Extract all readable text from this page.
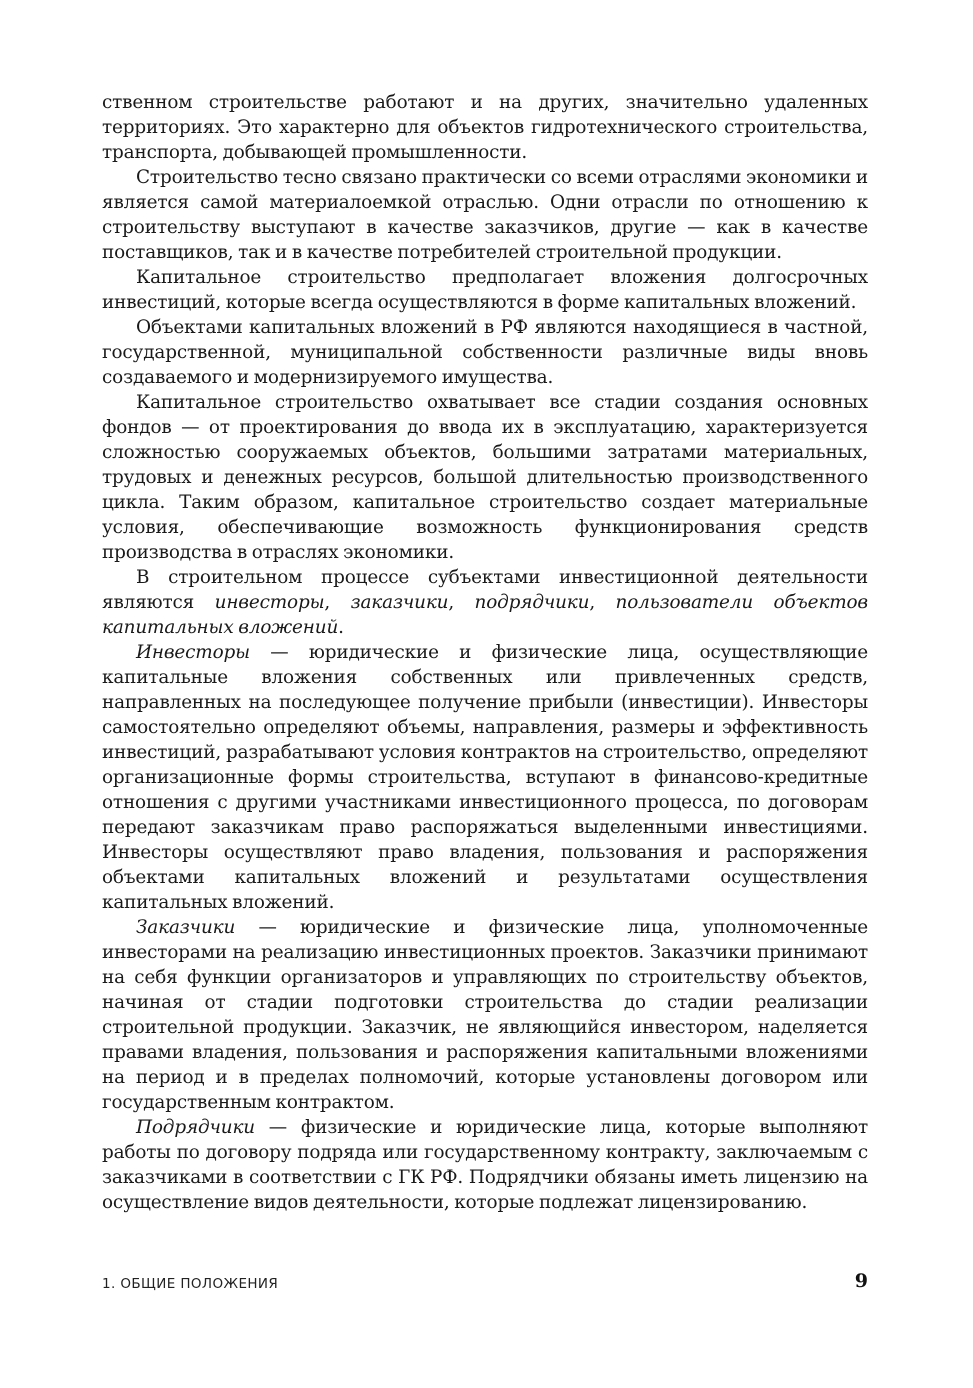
ственном строительстве работают и на других, значительно удаленных территориях. Это характерно для объектов гидротехнического строительства, транспорта, добывающей промышленности.

Строительство тесно связано практически со всеми отраслями экономики и является самой материалоемкой отраслью. Одни отрасли по отношению к строительству выступают в качестве заказчиков, другие — как в качестве поставщиков, так и в качестве потребителей строительной продукции.

Капитальное строительство предполагает вложения долгосрочных инвестиций, которые всегда осуществляются в форме капитальных вложений.

Объектами капитальных вложений в РФ являются находящиеся в частной, государственной, муниципальной собственности различные виды вновь создаваемого и модернизируемого имущества.

Капитальное строительство охватывает все стадии создания основных фондов — от проектирования до ввода их в эксплуатацию, характеризуется сложностью сооружаемых объектов, большими затратами материальных, трудовых и денежных ресурсов, большой длительностью производственного цикла. Таким образом, капитальное строительство создает материальные условия, обеспечивающие возможность функционирования средств производства в отраслях экономики.

В строительном процессе субъектами инвестиционной деятельности являются инвесторы, заказчики, подрядчики, пользователи объектов капитальных вложений.

Инвесторы — юридические и физические лица, осуществляющие капитальные вложения собственных или привлеченных средств, направленных на последующее получение прибыли (инвестиции). Инвесторы самостоятельно определяют объемы, направления, размеры и эффективность инвестиций, разрабатывают условия контрактов на строительство, определяют организационные формы строительства, вступают в финансово-кредитные отношения с другими участниками инвестиционного процесса, по договорам передают заказчикам право распоряжаться выделенными инвестициями. Инвесторы осуществляют право владения, пользования и распоряжения объектами капитальных вложений и результатами осуществления капитальных вложений.

Заказчики — юридические и физические лица, уполномоченные инвесторами на реализацию инвестиционных проектов. Заказчики принимают на себя функции организаторов и управляющих по строительству объектов, начиная от стадии подготовки строительства до стадии реализации строительной продукции. Заказчик, не являющийся инвестором, наделяется правами владения, пользования и распоряжения капитальными вложениями на период и в пределах полномочий, которые установлены договором или государственным контрактом.

Подрядчики — физические и юридические лица, которые выполняют работы по договору подряда или государственному контракту, заключаемым с заказчиками в соответствии с ГК РФ. Подрядчики обязаны иметь лицензию на осуществление видов деятельности, которые подлежат лицензированию.

1. ОБЩИЕ ПОЛОЖЕНИЯ	9
